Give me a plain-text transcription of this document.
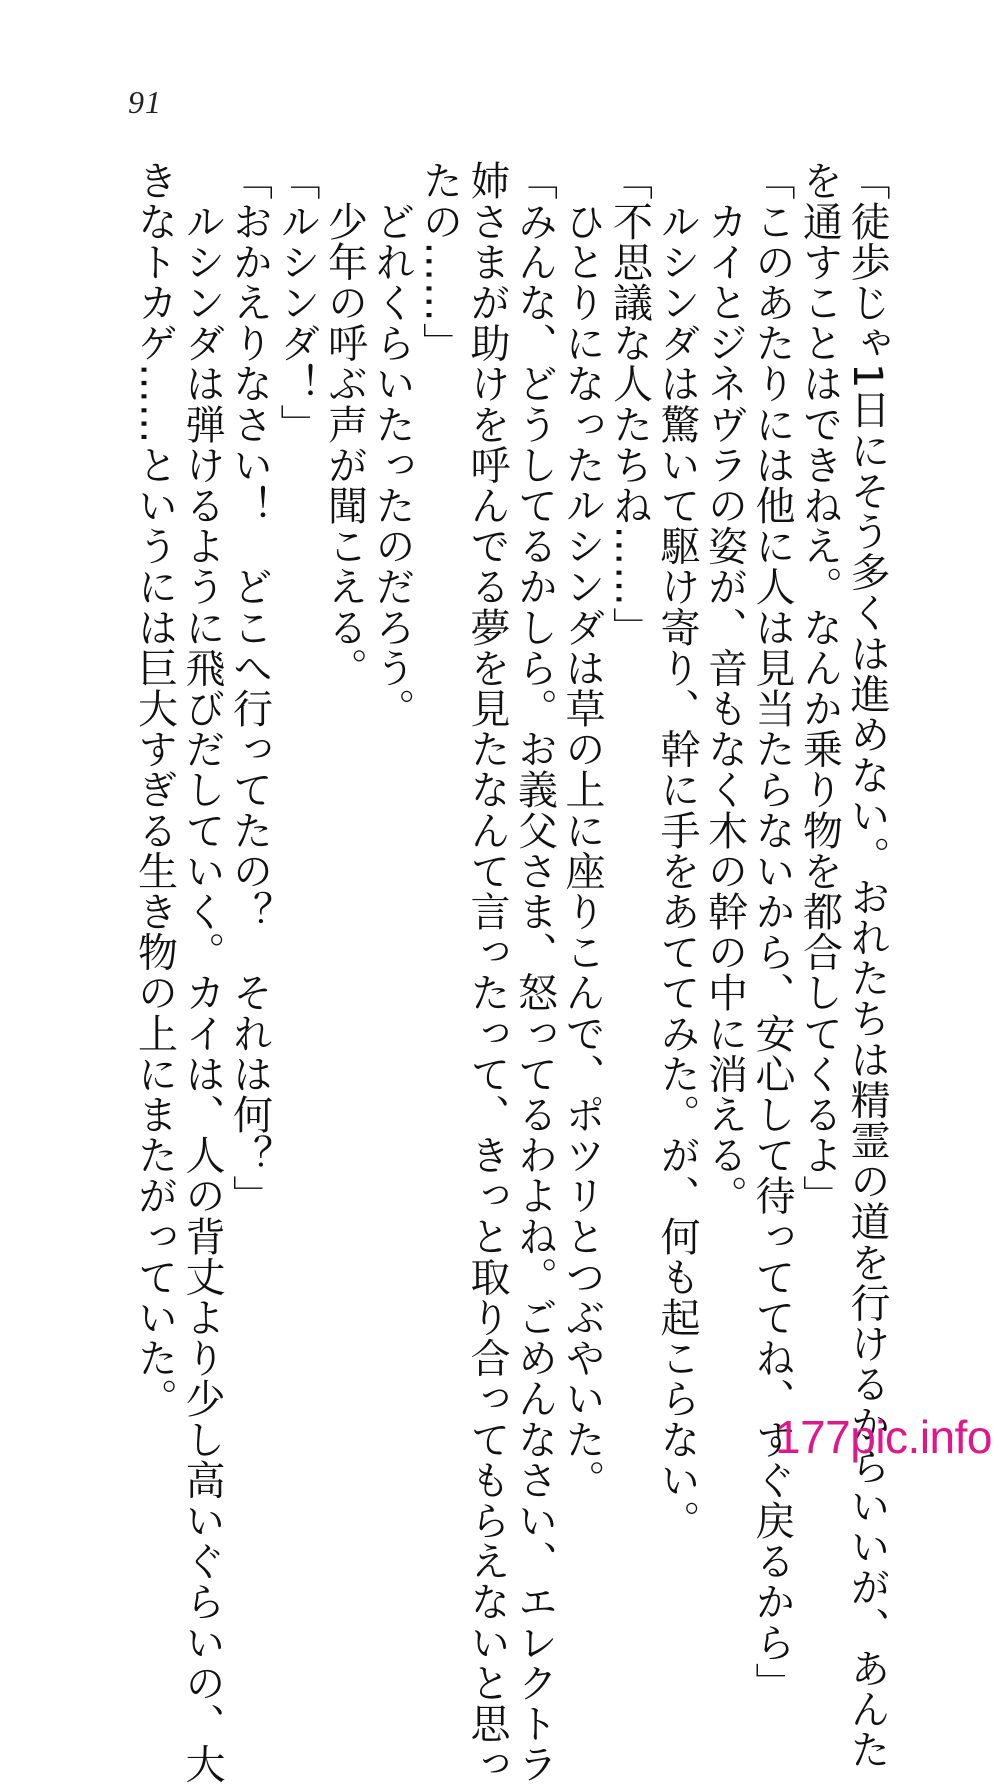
91
「徒歩じゃ1日にそう多くは進めない。おれたちは精霊の道を行けるからいいが、あんた
を通すことはできねえ。なんか乗り物を都合してくるよ」
「このあたりには他に人は見当たらないから、安心して待っててね、すぐ戻るから」
　カイとジネヴラの姿が、音もなく木の幹の中に消える。
　ルシンダは驚いて駆け寄り、幹に手をあててみた。が、何も起こらない。
「不思議な人たちね……」
　ひとりになったルシンダは草の上に座りこんで、ポツリとつぶやいた。
「みんな、どうしてるかしら。お義父さま、怒ってるわよね。ごめんなさい、エレクトラ
姉さまが助けを呼んでる夢を見たなんて言ったって、きっと取り合ってもらえないと思っ
たの……」
　どれくらいたったのだろう。
　少年の呼ぶ声が聞こえる。
「ルシンダ！」
「おかえりなさい！　どこへ行ってたの？　それは何？」
　ルシンダは弾けるように飛びだしていく。カイは、人の背丈より少し高いぐらいの、大
きなトカゲ……というには巨大すぎる生き物の上にまたがっていた。
177pic.info
